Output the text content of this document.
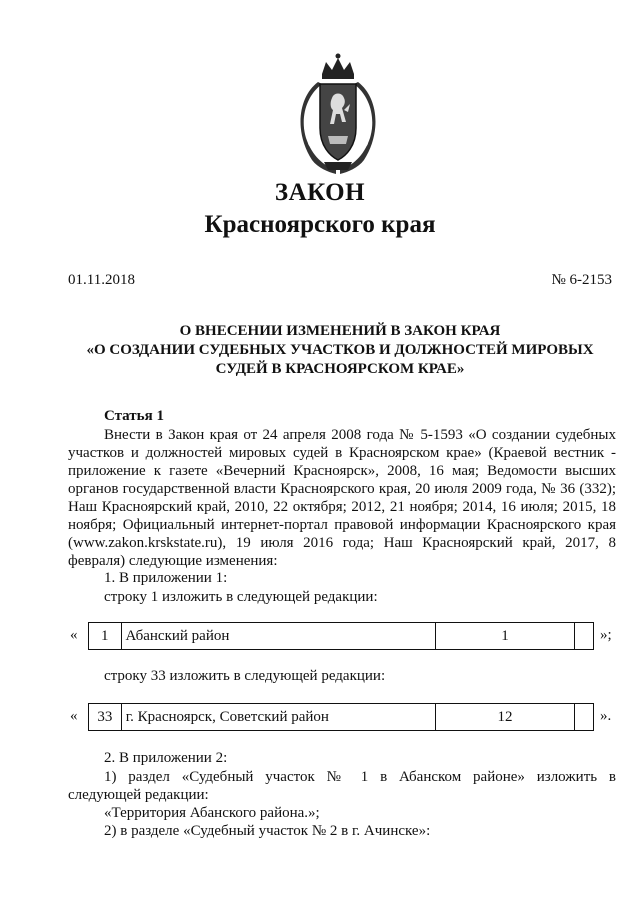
ЗАКОН
Красноярского края
01.11.2018	№ 6-2153
О ВНЕСЕНИИ ИЗМЕНЕНИЙ В ЗАКОН КРАЯ
«О СОЗДАНИИ СУДЕБНЫХ УЧАСТКОВ И ДОЛЖНОСТЕЙ МИРОВЫХ
СУДЕЙ В КРАСНОЯРСКОМ КРАЕ»
Статья 1
Внести в Закон края от 24 апреля 2008 года № 5-1593 «О создании судебных участков и должностей мировых судей в Красноярском крае» (Краевой вестник - приложение к газете «Вечерний Красноярск», 2008, 16 мая; Ведомости высших органов государственной власти Красноярского края, 20 июля 2009 года, № 36 (332); Наш Красноярский край, 2010, 22 октября; 2012, 21 ноября; 2014, 16 июля; 2015, 18 ноября; Официальный интернет-портал правовой информации Красноярского края (www.zakon.krskstate.ru), 19 июля 2016 года; Наш Красноярский край, 2017, 8 февраля) следующие изменения:
1. В приложении 1:
строку 1 изложить в следующей редакции:
« 1	Абанский район	1		»;
строку 33 изложить в следующей редакции:
« 33	г. Красноярск, Советский район	12		».
2. В приложении 2:
1) раздел «Судебный участок № 1 в Абанском районе» изложить в
следующей редакции:
«Территория Абанского района.»;
2) в разделе «Судебный участок № 2 в г. Ачинске»:
